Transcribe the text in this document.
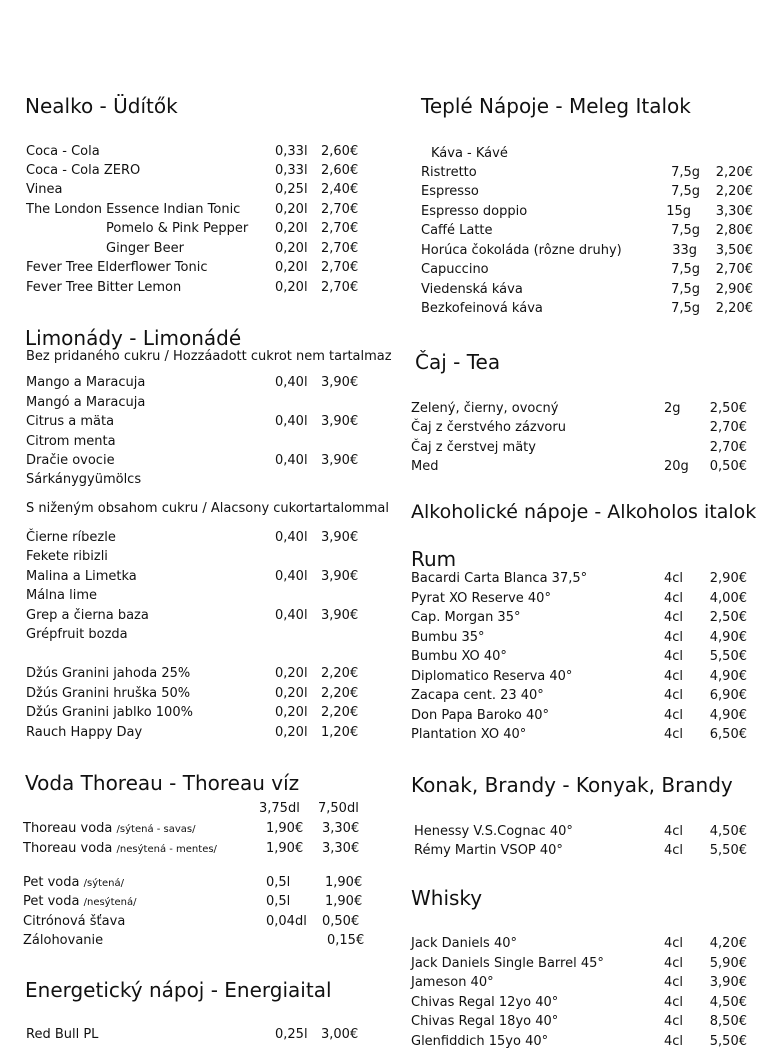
Nealko - Üdítők
Coca - Cola	0,33l 2,60€
Coca - Cola ZERO	0,33l 2,60€
Vinea	0,25l 2,40€
The London Essence Indian Tonic	0,20l 2,70€
Pomelo & Pink Pepper 0,20l 2,70€
Ginger Beer	0,20l 2,70€
Fever Tree Elderflower Tonic	0,20l 2,70€
Fever Tree Bitter Lemon	0,20l 2,70€
Limonády - Limonádé
Bez pridaného cukru / Hozzáadott cukrot nem tartalmaz
Mango a Maracuja	0,40l 3,90€
Mangó a Maracuja
Citrus a mäta	0,40l 3,90€
Citrom menta
Dračie ovocie	0,40l 3,90€
Sárkánygyümölcs
S niženým obsahom cukru / Alacsony cukortartalommal
Čierne ríbezle	0,40l 3,90€
Fekete ribizli
Malina a Limetka	0,40l 3,90€
Málna lime
Grep a čierna baza	0,40l 3,90€
Grépfruit bozda
Džús Granini jahoda 25%	0,20l 2,20€
Džús Granini hruška 50%	0,20l 2,20€
Džús Granini jablko 100%	0,20l 2,20€
Rauch Happy Day	0,20l 1,20€
Voda Thoreau - Thoreau víz
3,75dl 7,50dl
Thoreau voda /sýtená - savas/	1,90€ 3,30€
Thoreau voda /nesýtená - mentes/	1,90€ 3,30€
Pet voda /sýtená/	0,5l	1,90€
Pet voda /nesýtená/	0,5l	1,90€
Citrónová šťava	0,04dl 0,50€
Zálohovanie	0,15€
Energetický nápoj - Energiaital
Red Bull PL	0,25l 3,00€
Teplé Nápoje - Meleg Italok
Káva - Kávé
Ristretto	7,5g	2,20€
Espresso	7,5g	2,20€
Espresso doppio	15g	3,30€
Caffé Latte	7,5g	2,80€
Horúca čokoláda (rôzne druhy)	33g	3,50€
Capuccino	7,5g	2,70€
Viedenská káva	7,5g	2,90€
Bezkofeinová káva	7,5g	2,20€
Čaj - Tea
Zelený, čierny, ovocný	2g	2,50€
Čaj z čerstvého zázvoru	2,70€
Čaj z čerstvej mäty	2,70€
Med	20g	0,50€
Alkoholické nápoje - Alkoholos italok
Rum
Bacardi Carta Blanca 37,5°	4cl	2,90€
Pyrat XO Reserve 40°	4cl	4,00€
Cap. Morgan 35°	4cl	2,50€
Bumbu 35°	4cl	4,90€
Bumbu XO 40°	4cl	5,50€
Diplomatico Reserva 40°	4cl	4,90€
Zacapa cent. 23 40°	4cl	6,90€
Don Papa Baroko 40°	4cl	4,90€
Plantation XO 40°	4cl	6,50€
Konak, Brandy - Konyak, Brandy
Henessy V.S.Cognac 40°	4cl	4,50€
Rémy Martin VSOP 40°	4cl	5,50€
Whisky
Jack Daniels 40°	4cl	4,20€
Jack Daniels Single Barrel 45°	4cl	5,90€
Jameson 40°	4cl	3,90€
Chivas Regal 12yo 40°	4cl	4,50€
Chivas Regal 18yo 40°	4cl	8,50€
Glenfiddich 15yo 40°	4cl	5,50€
